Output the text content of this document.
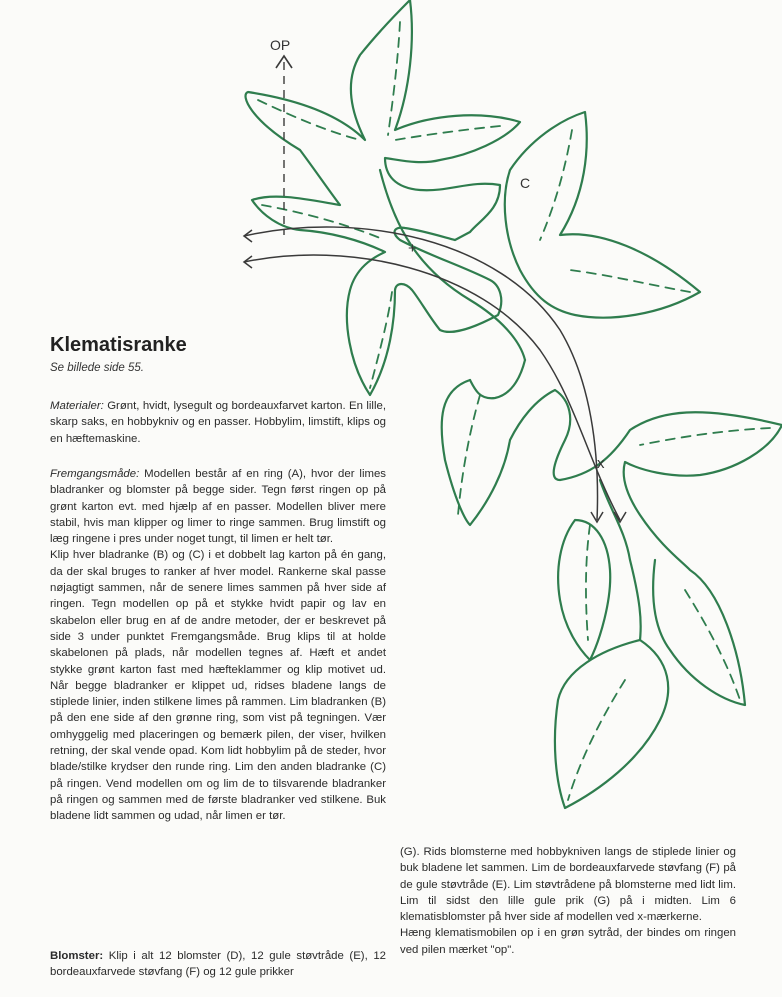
OP
C
+
x
Klematisranke
Se billede side 55.

Materialer: Grønt, hvidt, lysegult og bordeauxfarvet karton. En lille, skarp saks, en hobbykniv og en passer. Hobbylim, limstift, klips og en hæftemaskine.

Fremgangsmåde: Modellen består af en ring (A), hvor der limes bladranker og blomster på begge sider. Tegn først ringen op på grønt karton evt. med hjælp af en passer. Modellen bliver mere stabil, hvis man klipper og limer to ringe sammen. Brug limstift og læg ringene i pres under noget tungt, til limen er helt tør.

Klip hver bladranke (B) og (C) i et dobbelt lag karton på én gang, da der skal bruges to ranker af hver model. Rankerne skal passe nøjagtigt sammen, når de senere limes sammen på hver side af ringen. Tegn modellen op på et stykke hvidt papir og lav en skabelon eller brug en af de andre metoder, der er beskrevet på side 3 under punktet Fremgangsmåde. Brug klips til at holde skabelonen på plads, når modellen tegnes af. Hæft et andet stykke grønt karton fast med hæfteklammer og klip motivet ud. Når begge bladranker er klippet ud, ridses bladene langs de stiplede linier, inden stilkene limes på rammen. Lim bladranken (B) på den ene side af den grønne ring, som vist på tegningen. Vær omhyggelig med placeringen og bemærk pilen, der viser, hvilken retning, der skal vende opad. Kom lidt hobbylim på de steder, hvor blade/stilke krydser den runde ring. Lim den anden bladranke (C) på ringen. Vend modellen om og lim de to tilsvarende bladranker på ringen og sammen med de første bladranker ved stilkene. Buk bladene lidt sammen og udad, når limen er tør.

Blomster: Klip i alt 12 blomster (D), 12 gule støvtråde (E), 12 bordeauxfarvede støvfang (F) og 12 gule prikker

(G). Rids blomsterne med hobbykniven langs de stiplede linier og buk bladene let sammen. Lim de bordeauxfarvede støvfang (F) på de gule støvtråde (E). Lim støvtrådene på blomsterne med lidt lim. Lim til sidst den lille gule prik (G) på i midten. Lim 6 klematisblomster på hver side af modellen ved x-mærkerne.

Hæng klematismobilen op i en grøn sytråd, der bindes om ringen ved pilen mærket "op".
